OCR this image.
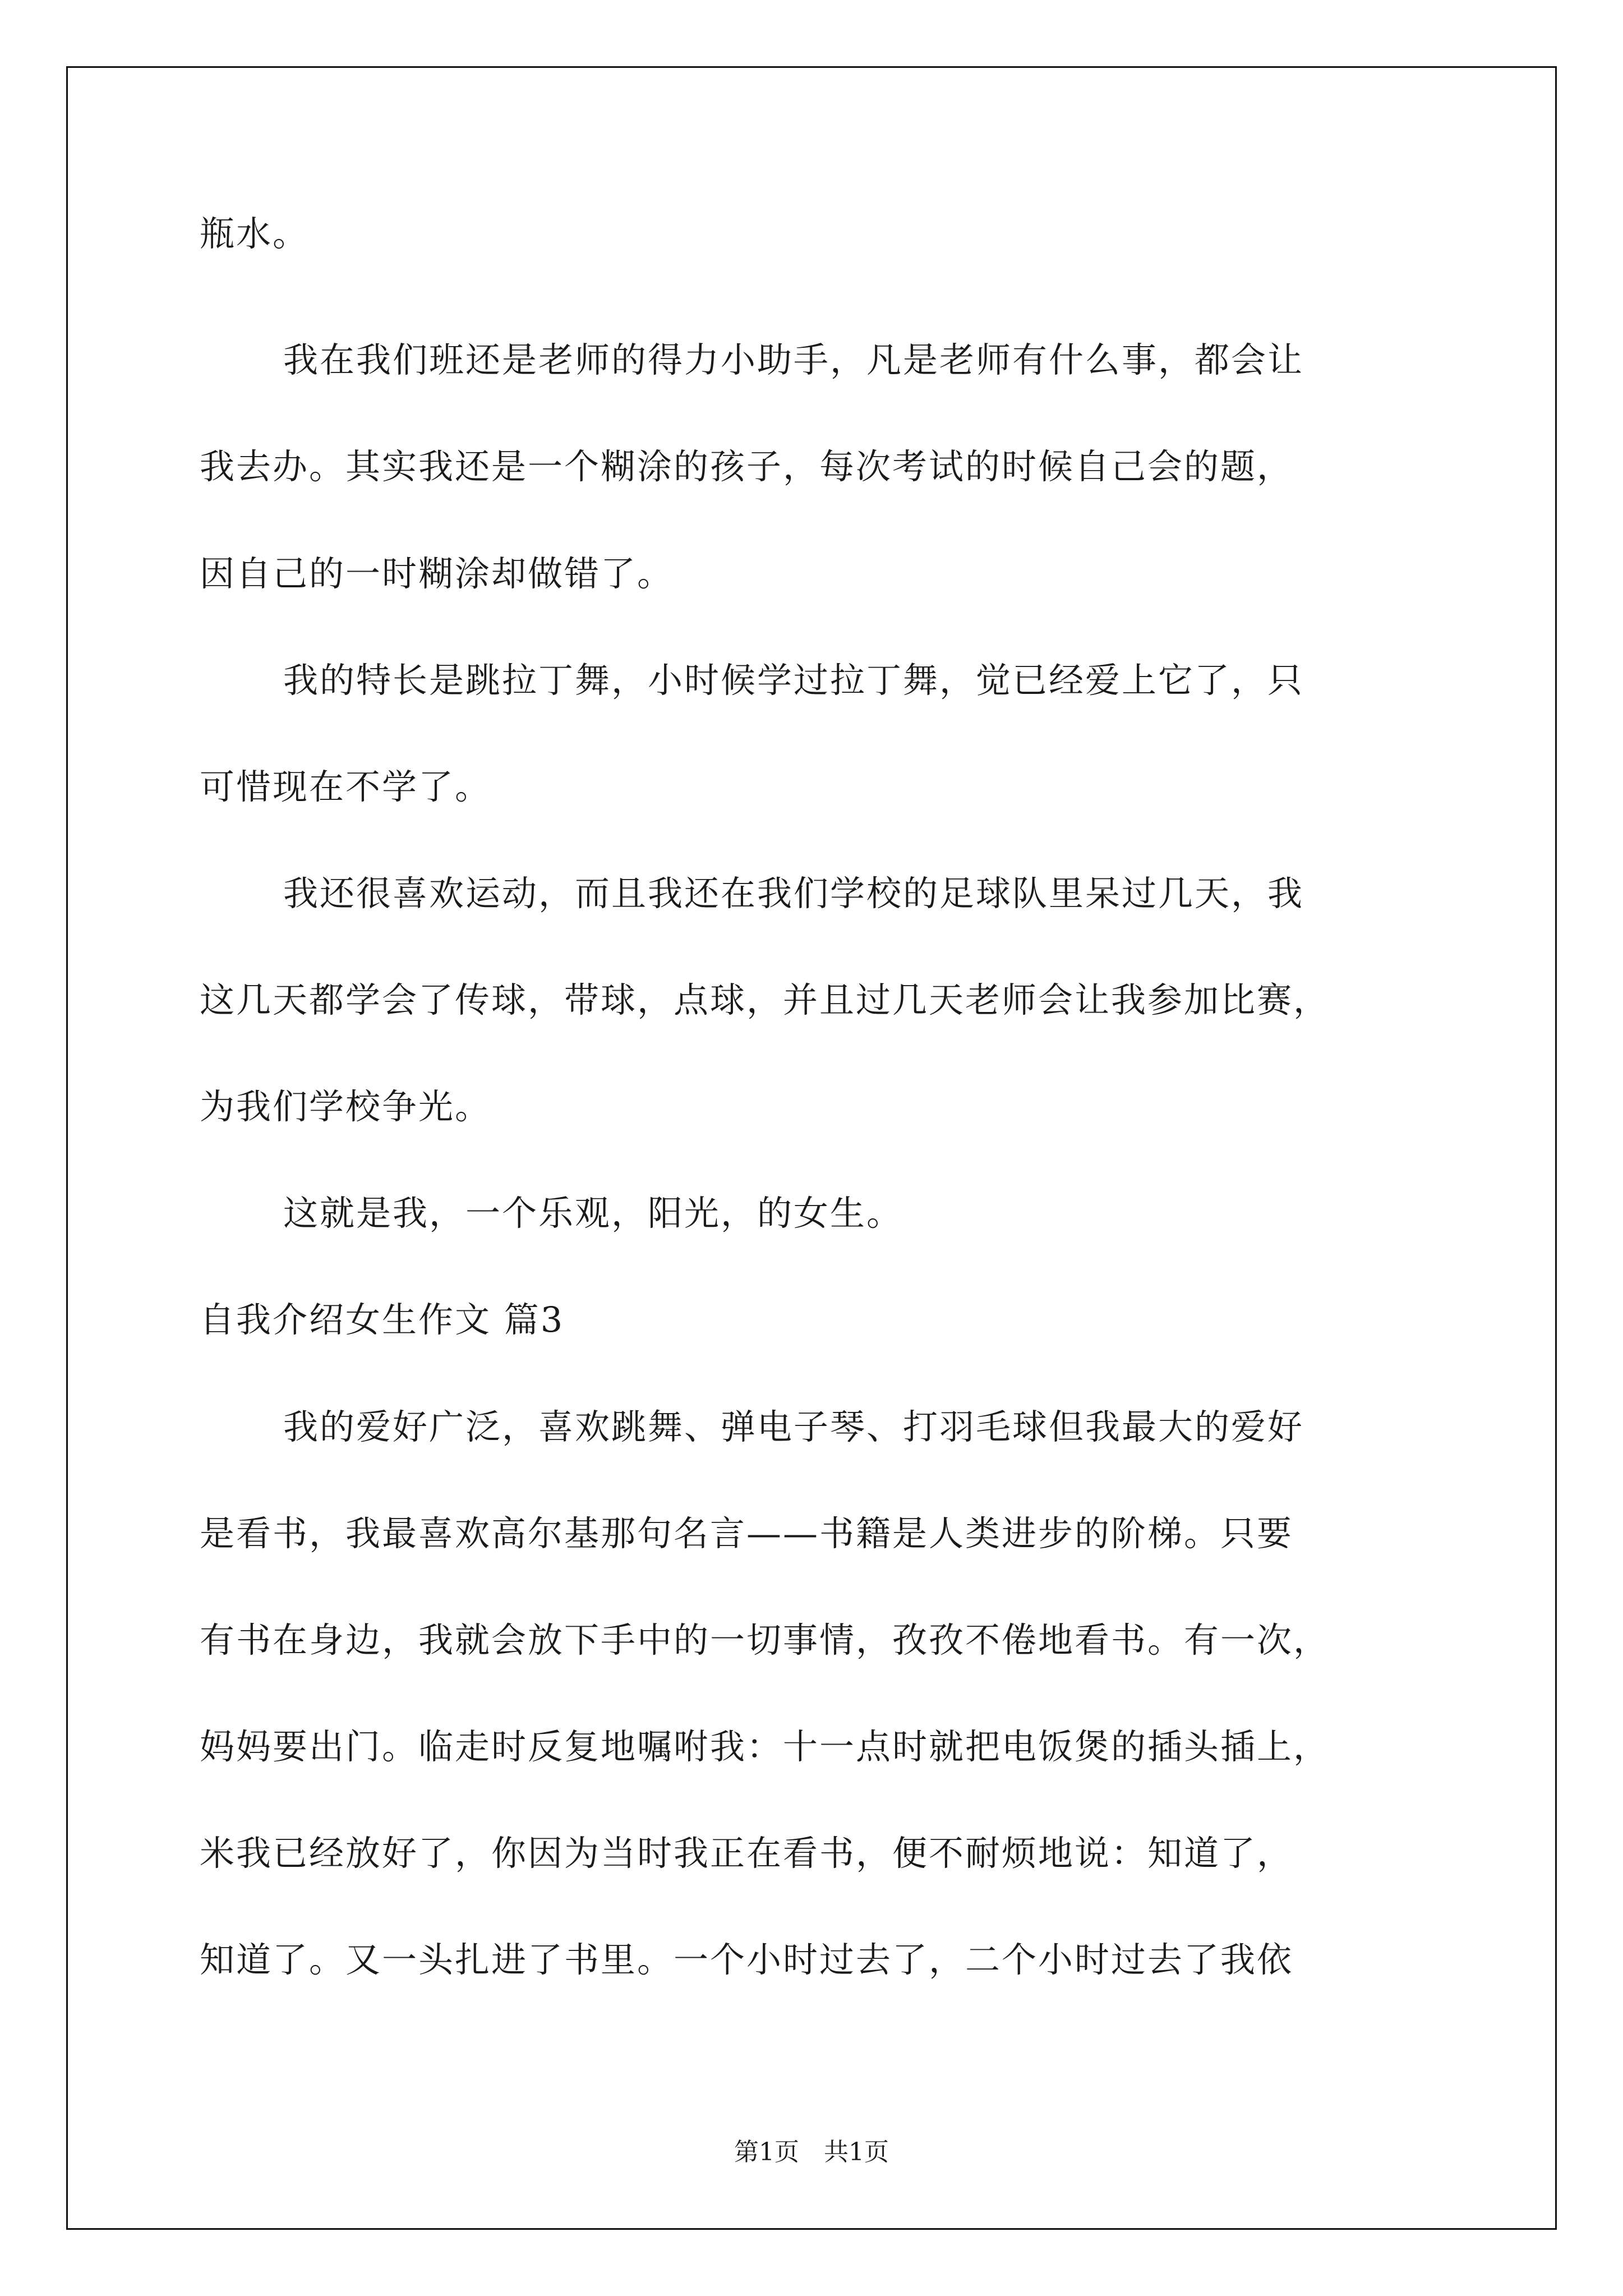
瓶水。
我在我们班还是老师的得力小助手，凡是老师有什么事，都会让
我去办。其实我还是一个糊涂的孩子，每次考试的时候自己会的题，
因自己的一时糊涂却做错了。
我的特长是跳拉丁舞，小时候学过拉丁舞，觉已经爱上它了，只
可惜现在不学了。
我还很喜欢运动，而且我还在我们学校的足球队里呆过几天，我
这几天都学会了传球，带球，点球，并且过几天老师会让我参加比赛，
为我们学校争光。
这就是我，一个乐观，阳光，的女生。
自我介绍女生作文 篇3
我的爱好广泛，喜欢跳舞、弹电子琴、打羽毛球但我最大的爱好
是看书，我最喜欢高尔基那句名言——书籍是人类进步的阶梯。只要
有书在身边，我就会放下手中的一切事情，孜孜不倦地看书。有一次，
妈妈要出门。临走时反复地嘱咐我：十一点时就把电饭煲的插头插上，
米我已经放好了，你因为当时我正在看书，便不耐烦地说：知道了，
知道了。又一头扎进了书里。一个小时过去了，二个小时过去了我依
第1页　共1页
